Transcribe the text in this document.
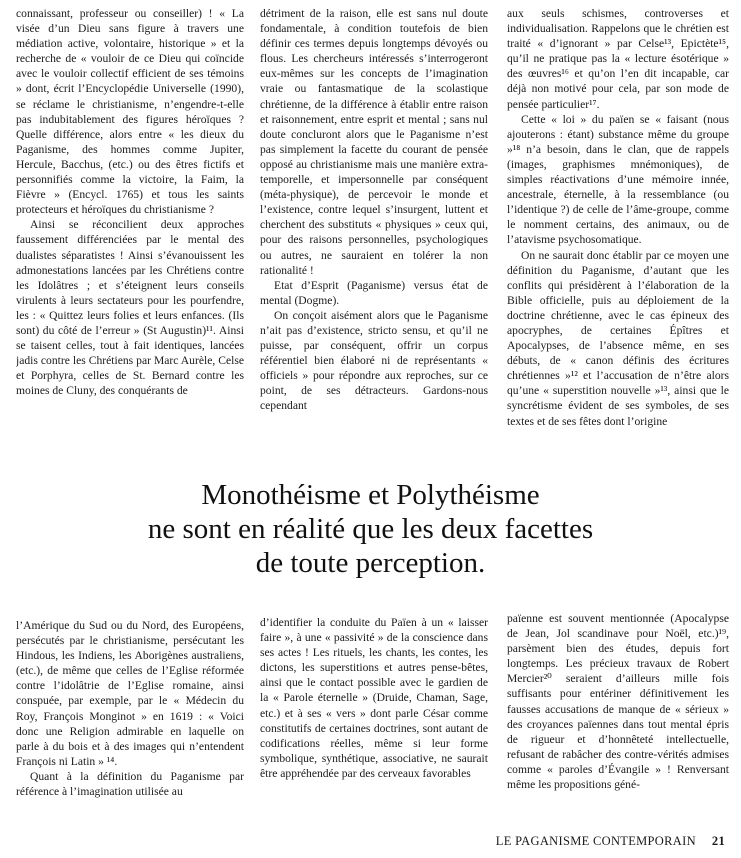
connaissant, professeur ou conseiller) ! « La visée d’un Dieu sans figure à travers une médiation active, volontaire, historique » et la recherche de « vouloir de ce Dieu qui coïncide avec le vouloir collectif efficient de ses témoins » dont, écrit l’Encyclopédie Universelle (1990), se réclame le christianisme, n’engendre-t-elle pas indubitablement des figures héroïques ? Quelle différence, alors entre « les dieux du Paganisme, des hommes comme Jupiter, Hercule, Bacchus, (etc.) ou des êtres fictifs et personnifiés comme la victoire, la Faim, la Fièvre » (Encycl. 1765) et tous les saints protecteurs et héroïques du christianisme ?

Ainsi se réconcilient deux approches faussement différenciées par le mental des dualistes séparatistes ! Ainsi s’évanouissent les admonestations lancées par les Chrétiens contre les Idolâtres ; et s’éteignent leurs conseils virulents à leurs sectateurs pour les pourfendre, les : « Quittez leurs folies et leurs enfances. (Ils sont) du côté de l’erreur » (St Augustin)¹¹. Ainsi se taisent celles, tout à fait identiques, lancées jadis contre les Chrétiens par Marc Aurèle, Celse et Porphyra, celles de St. Bernard contre les moines de Cluny, des conquérants de

détriment de la raison, elle est sans nul doute fondamentale, à condition toutefois de bien définir ces termes depuis longtemps dévoyés ou flous. Les chercheurs intéressés s’interrogeront eux-mêmes sur les concepts de l’imagination vraie ou fantasmatique de la scolastique chrétienne, de la différence à établir entre raison et raisonnement, entre esprit et mental ; sans nul doute concluront alors que le Paganisme n’est pas simplement la facette du courant de pensée opposé au christianisme mais une manière extra-temporelle, et impersonnelle par conséquent (méta-physique), de percevoir le monde et l’existence, contre lequel s’insurgent, luttent et cherchent des substituts « physiques » ceux qui, pour des raisons personnelles, psychologiques ou autres, ne sauraient en tolérer la non rationalité !

Etat d’Esprit (Paganisme) versus état de mental (Dogme).

On conçoit aisément alors que le Paganisme n’ait pas d’existence, stricto sensu, et qu’il ne puisse, par conséquent, offrir un corpus référentiel bien élaboré ni de représentants « officiels » pour répondre aux reproches, sur ce point, de ses détracteurs. Gardons-nous cependant

aux seuls schismes, controverses et individualisation. Rappelons que le chrétien est traité « d’ignorant » par Celse¹³, Epictète¹⁵, qu’il ne pratique pas la « lecture ésotérique » des œuvres¹⁶ et qu’on l’en dit incapable, car déjà non motivé pour cela, par son mode de pensée particulier¹⁷.

Cette « loi » du païen se « faisant (nous ajouterons : étant) substance même du groupe »¹⁸ n’a besoin, dans le clan, que de rappels (images, graphismes mnémoniques), de simples réactivations d’une mémoire innée, ancestrale, éternelle, à la ressemblance (ou l’identique ?) de celle de l’âme-groupe, comme le nomment certains, des animaux, ou de l’atavisme psychosomatique.

On ne saurait donc établir par ce moyen une définition du Paganisme, d’autant que les conflits qui présidèrent à l’élaboration de la Bible officielle, puis au déploiement de la doctrine chrétienne, avec le cas épineux des apocryphes, de certaines Épîtres et Apocalypses, de l’absence même, en ses débuts, de « canon définis des écritures chrétiennes »¹² et l’accusation de n’être alors qu’une « superstition nouvelle »¹³, ainsi que le syncrétisme évident de ses symboles, de ses textes et de ses fêtes dont l’origine

Monothéisme et Polythéisme
ne sont en réalité que les deux facettes
de toute perception.

l’Amérique du Sud ou du Nord, des Européens, persécutés par le christianisme, persécutant les Hindous, les Indiens, les Aborigènes australiens, (etc.), de même que celles de l’Eglise réformée contre l’idolâtrie de l’Eglise romaine, ainsi conspuée, par exemple, par le « Médecin du Roy, François Monginot » en 1619 : « Voici donc une Religion admirable en laquelle on parle à du bois et à des images qui n’entendent François ni Latin » ¹⁴.

Quant à la définition du Paganisme par référence à l’imagination utilisée au

d’identifier la conduite du Païen à un « laisser faire », à une « passivité » de la conscience dans ses actes ! Les rituels, les chants, les contes, les dictons, les superstitions et autres pense-bêtes, ainsi que le contact possible avec le gardien de la « Parole éternelle » (Druide, Chaman, Sage, etc.) et à ses « vers » dont parle César comme constitutifs de certaines doctrines, sont autant de codifications réelles, même si leur forme symbolique, synthétique, associative, ne saurait être appréhendée par des cerveaux favorables

païenne est souvent mentionnée (Apocalypse de Jean, Jol scandinave pour Noël, etc.)¹⁹, parsèment bien des études, depuis fort longtemps. Les précieux travaux de Robert Mercier²⁰ seraient d’ailleurs mille fois suffisants pour entériner définitivement les fausses accusations de manque de « sérieux » des croyances païennes dans tout mental épris de rigueur et d’honnêteté intellectuelle, refusant de rabâcher des contre-vérités admises comme « paroles d’Évangile » ! Renversant même les propositions géné-

LE PAGANISME CONTEMPORAIN 21
